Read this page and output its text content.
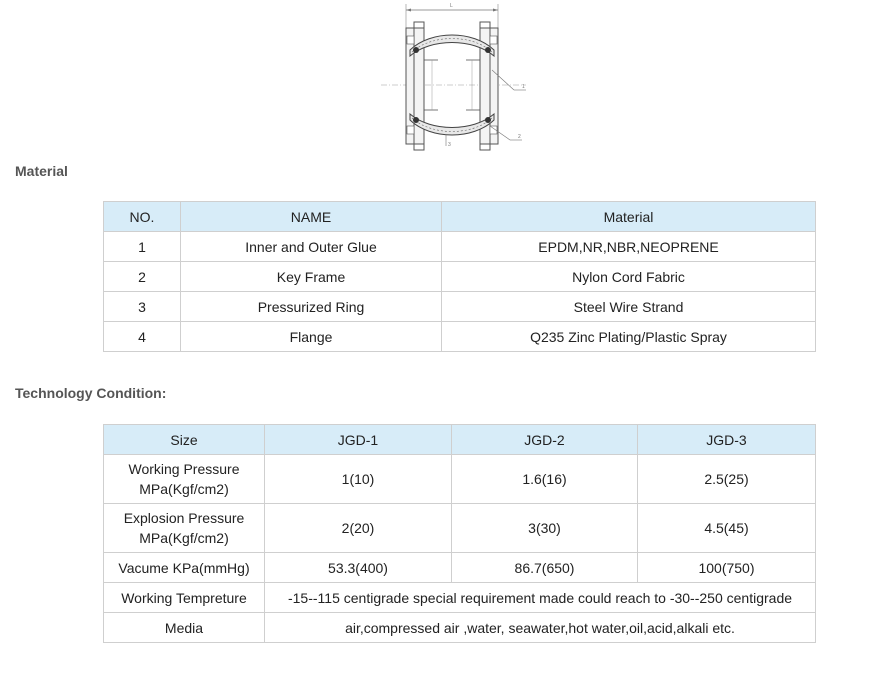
L
1
2
3
Material
NO.	NAME	Material
1	Inner and Outer Glue	EPDM,NR,NBR,NEOPRENE
2	Key Frame	Nylon Cord Fabric
3	Pressurized Ring	Steel Wire Strand
4	Flange	Q235 Zinc Plating/Plastic Spray
Technology Condition:
Size	JGD-1	JGD-2	JGD-3
Working Pressure
MPa(Kgf/cm2)	1(10)	1.6(16)	2.5(25)
Explosion Pressure
MPa(Kgf/cm2)	2(20)	3(30)	4.5(45)
Vacume KPa(mmHg)	53.3(400)	86.7(650)	100(750)
Working Tempreture	-15--115 centigrade special requirement made could reach to -30--250 centigrade		
Media	air,compressed air ,water, seawater,hot water,oil,acid,alkali etc.		
